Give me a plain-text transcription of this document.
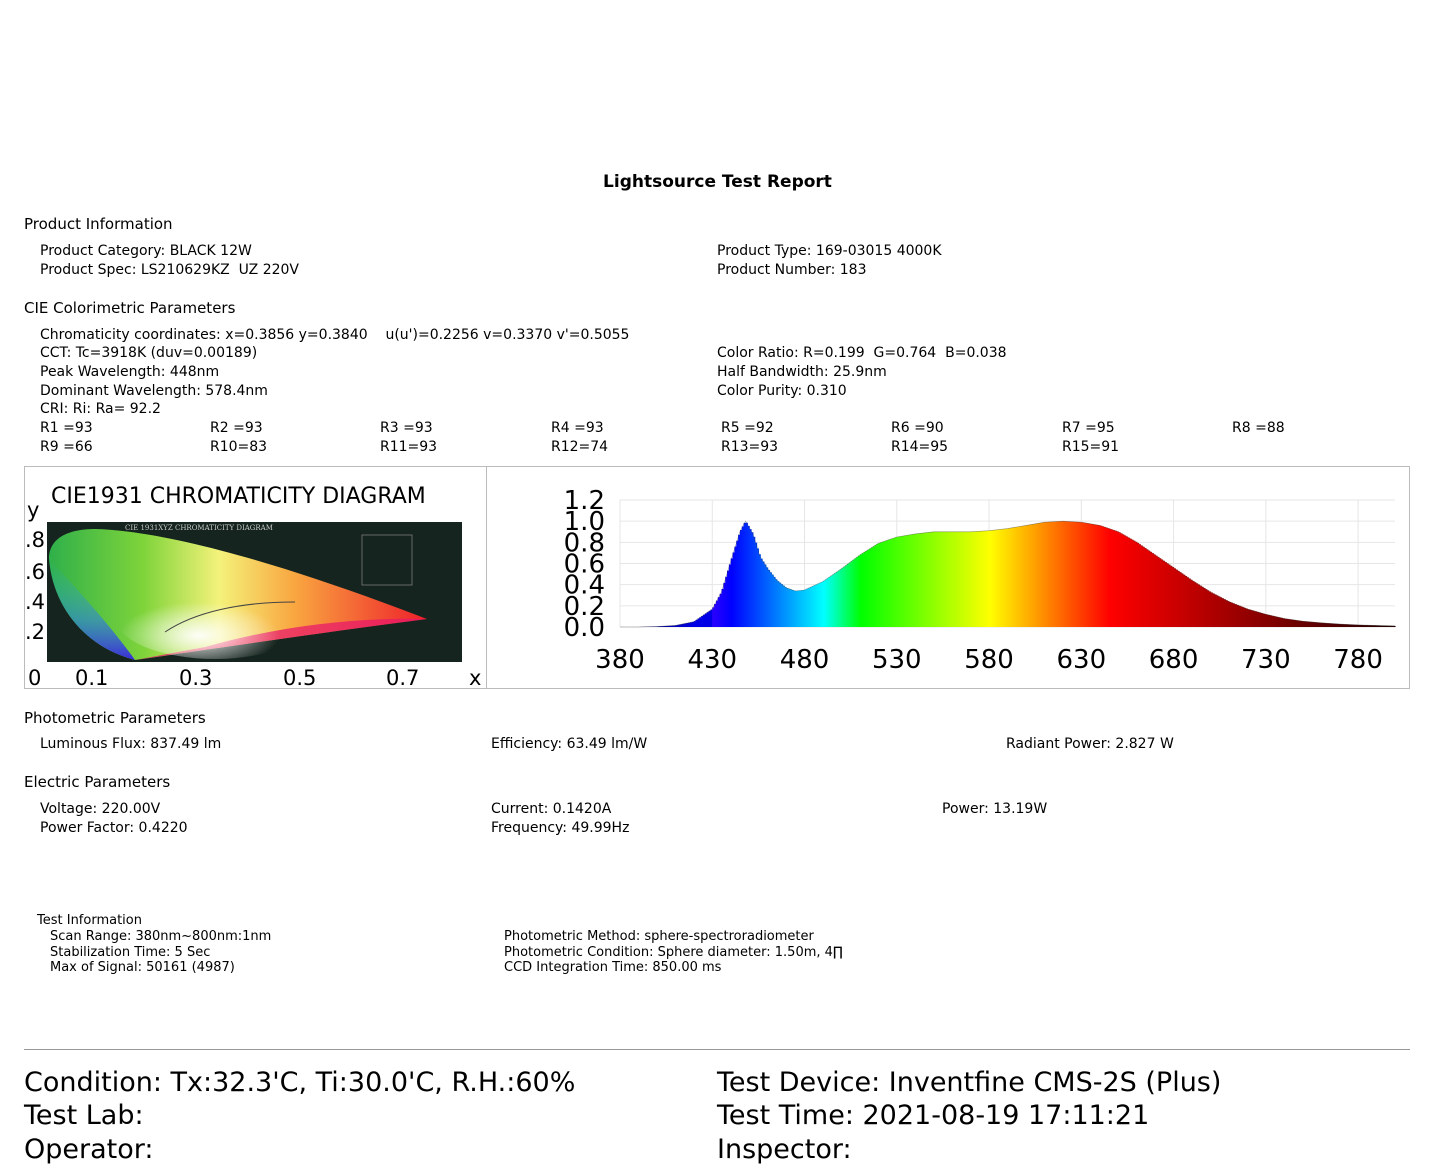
Lightsource Test Report
Product Information
Product Category: BLACK 12W
Product Spec: LS210629KZ  UZ 220V
Product Type: 169-03015 4000K
Product Number: 183
CIE Colorimetric Parameters
Chromaticity coordinates: x=0.3856 y=0.3840    u(u')=0.2256 v=0.3370 v'=0.5055
CCT: Tc=3918K (duv=0.00189)
Peak Wavelength: 448nm
Dominant Wavelength: 578.4nm
CRI: Ri: Ra= 92.2
Color Ratio: R=0.199  G=0.764  B=0.038
Half Bandwidth: 25.9nm
Color Purity: 0.310
R1 =93	R2 =93	R3 =93	R4 =93	R5 =92	R6 =90	R7 =95	R8 =88
R9 =66	R10=83	R11=93	R12=74	R13=93	R14=95	R15=91
CIE 1931XYZ CHROMATICITY DIAGRAM
CIE1931 CHROMATICITY DIAGRAM
y
.8
.6
.4
.2
0 0.1	0.3	0.5	0.7 x
1.2
1.0
0.8
0.6
0.4
0.2
0.0
380 430 480 530 580 630 680 730 780
Photometric Parameters
Luminous Flux: 837.49 lm	Efficiency: 63.49 lm/W	Radiant Power: 2.827 W
Electric Parameters
Voltage: 220.00V
Power Factor: 0.4220
Current: 0.1420A
Frequency: 49.99Hz
Power: 13.19W
Test Information
Scan Range: 380nm~800nm:1nm
Stabilization Time: 5 Sec
Max of Signal: 50161 (4987)
Photometric Method: sphere-spectroradiometer
Photometric Condition: Sphere diameter: 1.50m, 4∏
CCD Integration Time: 850.00 ms
Condition: Tx:32.3'C, Ti:30.0'C, R.H.:60%
Test Lab:
Operator:
Test Device: Inventfine CMS-2S (Plus)
Test Time: 2021-08-19 17:11:21
Inspector:
